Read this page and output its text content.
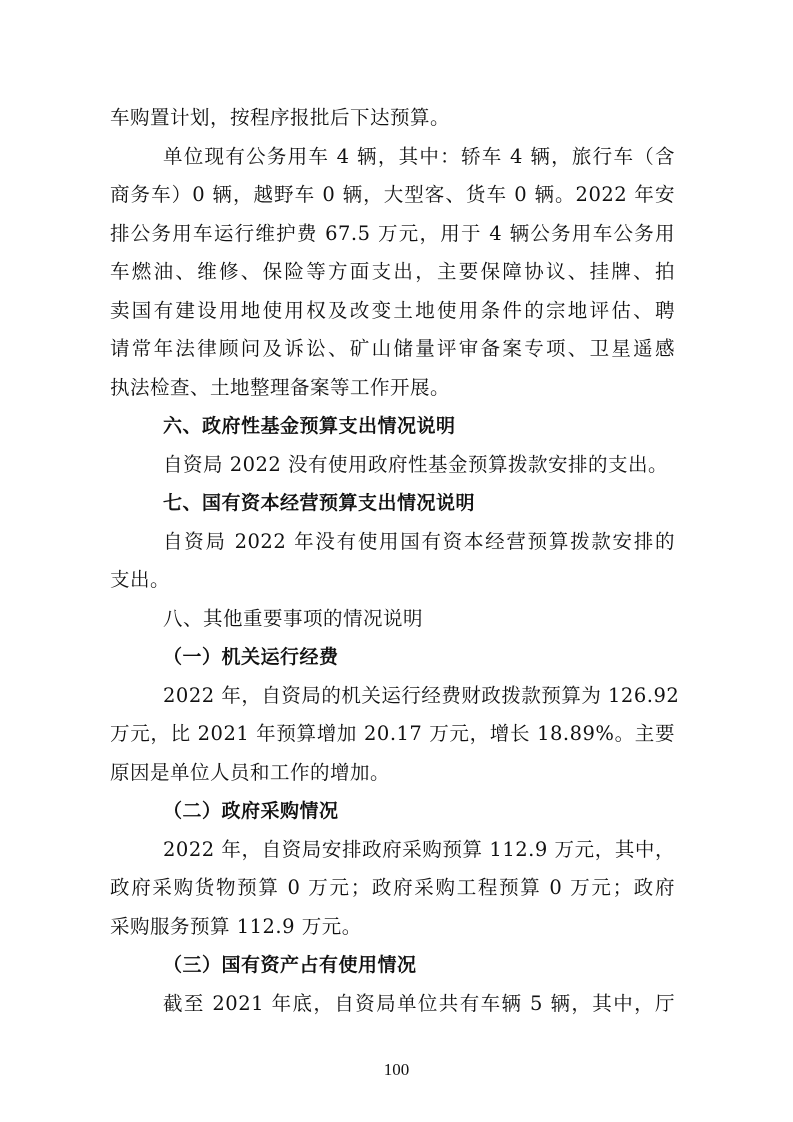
车购置计划，按程序报批后下达预算。
单位现有公务用车 4 辆，其中：轿车 4 辆，旅行车（含
商务车）0 辆，越野车 0 辆，大型客、货车 0 辆。2022 年安
排公务用车运行维护费 67.5 万元，用于 4 辆公务用车公务用
车燃油、维修、保险等方面支出，主要保障协议、挂牌、拍
卖国有建设用地使用权及改变土地使用条件的宗地评估、聘
请常年法律顾问及诉讼、矿山储量评审备案专项、卫星遥感
执法检查、土地整理备案等工作开展。
六、政府性基金预算支出情况说明
自资局 2022 没有使用政府性基金预算拨款安排的支出。
七、国有资本经营预算支出情况说明
自资局 2022 年没有使用国有资本经营预算拨款安排的
支出。
八、其他重要事项的情况说明
（一）机关运行经费
2022 年，自资局的机关运行经费财政拨款预算为 126.92
万元，比 2021 年预算增加 20.17 万元，增长 18.89%。主要
原因是单位人员和工作的增加。
（二）政府采购情况
2022 年，自资局安排政府采购预算 112.9 万元，其中，
政府采购货物预算 0 万元；政府采购工程预算 0 万元；政府
采购服务预算 112.9 万元。
（三）国有资产占有使用情况
截至 2021 年底，自资局单位共有车辆 5 辆，其中，厅
100
